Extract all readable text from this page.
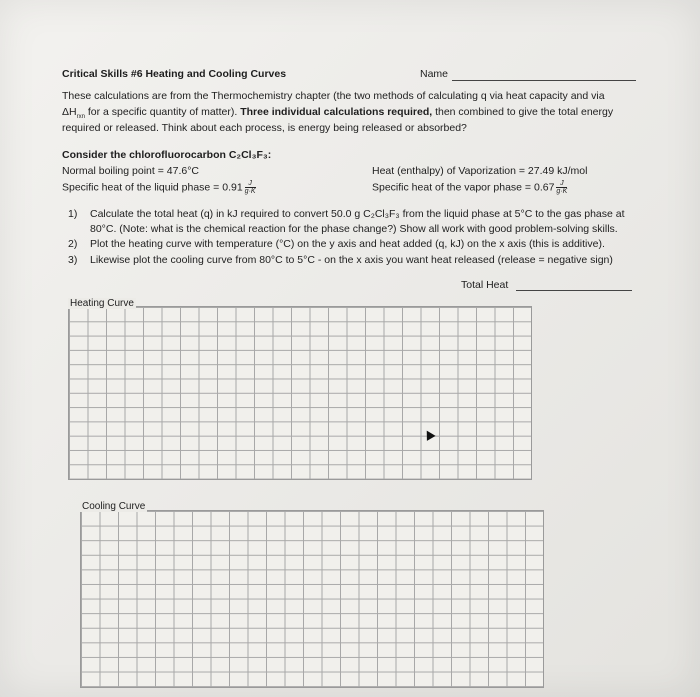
Critical Skills #6 Heating and Cooling Curves	Name
These calculations are from the Thermochemistry chapter (the two methods of calculating q via heat capacity and via
$\Delta H_{rxn}$ for a specific quantity of matter). Three individual calculations required, then combined to give the total energy
required or released. Think about each process, is energy being released or absorbed?
Consider the chlorofluorocarbon C₂Cl₃F₃:
Normal boiling point = 47.6°C	Heat (enthalpy) of Vaporization = 27.49 kJ/mol
Specific heat of the liquid phase = $0.91 \frac{J}{g\cdot K}$	Specific heat of the vapor phase = $0.67 \frac{J}{g\cdot K}$
1) Calculate the total heat (q) in kJ required to convert 50.0 g C₂Cl₃F₃ from the liquid phase at 5°C to the gas phase at
80°C. (Note: what is the chemical reaction for the phase change?) Show all work with good problem-solving skills.
2) Plot the heating curve with temperature (°C) on the y axis and heat added (q, kJ) on the x axis (this is additive).
3) Likewise plot the cooling curve from 80°C to 5°C - on the x axis you want heat released (release = negative sign)
Total Heat
Heating Curve
Cooling Curve
